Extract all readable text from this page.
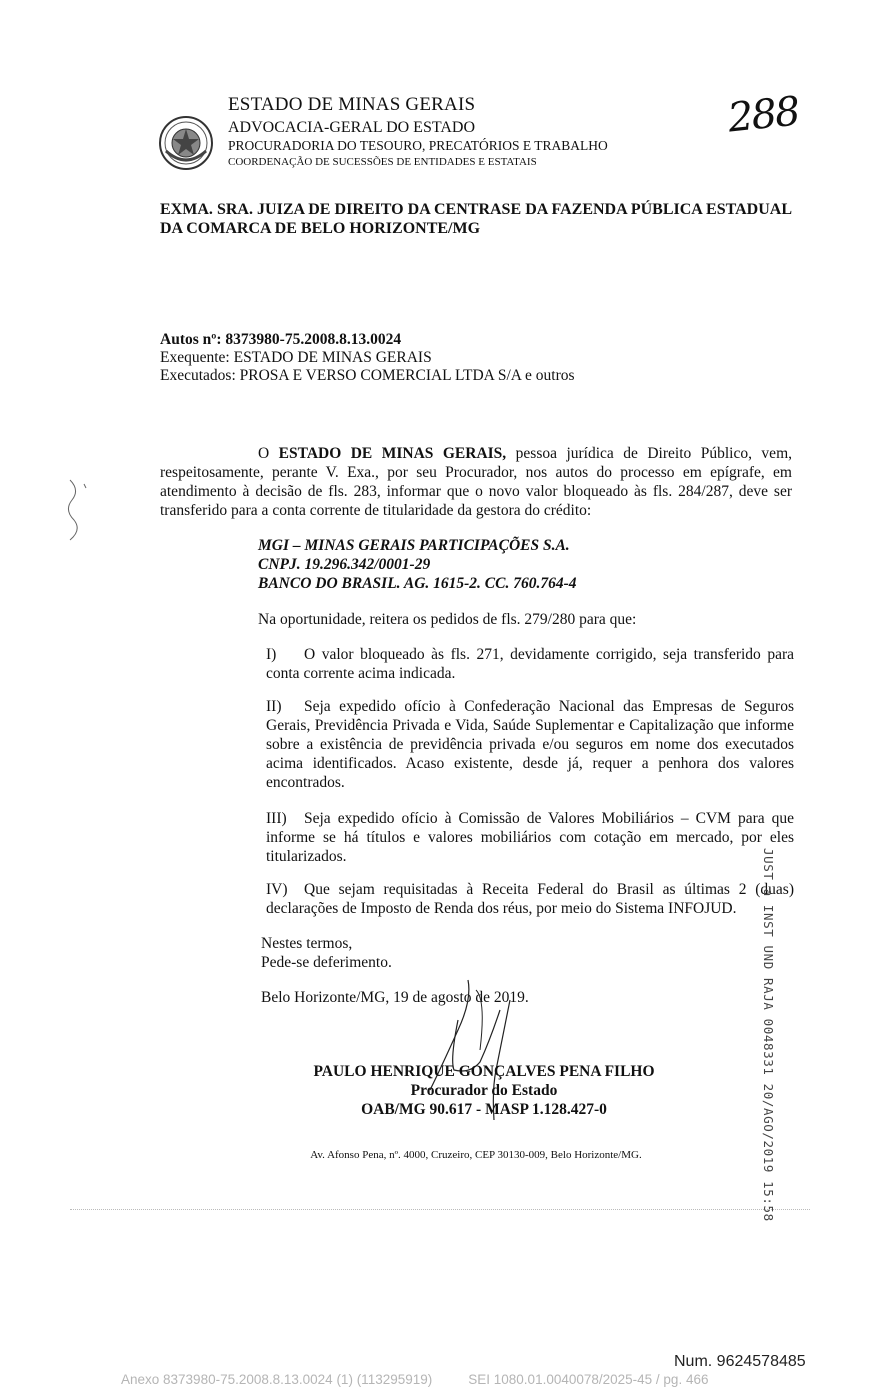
ESTADO DE MINAS GERAIS
ADVOCACIA-GERAL DO ESTADO
PROCURADORIA DO TESOURO, PRECATÓRIOS E TRABALHO
COORDENAÇÃO DE SUCESSÕES DE ENTIDADES E ESTATAIS
288
EXMA. SRA. JUIZA DE DIREITO DA CENTRASE DA FAZENDA PÚBLICA ESTADUAL DA COMARCA DE BELO HORIZONTE/MG
Autos nº: 8373980-75.2008.8.13.0024
Exequente: ESTADO DE MINAS GERAIS
Executados: PROSA E VERSO COMERCIAL LTDA S/A e outros
O ESTADO DE MINAS GERAIS, pessoa jurídica de Direito Público, vem, respeitosamente, perante V. Exa., por seu Procurador, nos autos do processo em epígrafe, em atendimento à decisão de fls. 283, informar que o novo valor bloqueado às fls. 284/287, deve ser transferido para a conta corrente de titularidade da gestora do crédito:
MGI – MINAS GERAIS PARTICIPAÇÕES S.A.
CNPJ. 19.296.342/0001-29
BANCO DO BRASIL. AG. 1615-2. CC. 760.764-4
Na oportunidade, reitera os pedidos de fls. 279/280 para que:
I) O valor bloqueado às fls. 271, devidamente corrigido, seja transferido para conta corrente acima indicada.
II) Seja expedido ofício à Confederação Nacional das Empresas de Seguros Gerais, Previdência Privada e Vida, Saúde Suplementar e Capitalização que informe sobre a existência de previdência privada e/ou seguros em nome dos executados acima identificados. Acaso existente, desde já, requer a penhora dos valores encontrados.
III) Seja expedido ofício à Comissão de Valores Mobiliários – CVM para que informe se há títulos e valores mobiliários com cotação em mercado, por eles titularizados.
IV) Que sejam requisitadas à Receita Federal do Brasil as últimas 2 (duas) declarações de Imposto de Renda dos réus, por meio do Sistema INFOJUD.
Nestes termos,
Pede-se deferimento.
Belo Horizonte/MG, 19 de agosto de 2019.
PAULO HENRIQUE GONÇALVES PENA FILHO
Procurador do Estado
OAB/MG 90.617 - MASP 1.128.427-0
Av. Afonso Pena, nº. 4000, Cruzeiro, CEP 30130-009, Belo Horizonte/MG.	JUST a INST UND RAJA 0048331 20/AGO/2019 15:58
Num. 9624578485
Anexo 8373980-75.2008.8.13.0024 (1) (113295919)	SEI 1080.01.0040078/2025-45 / pg. 466
